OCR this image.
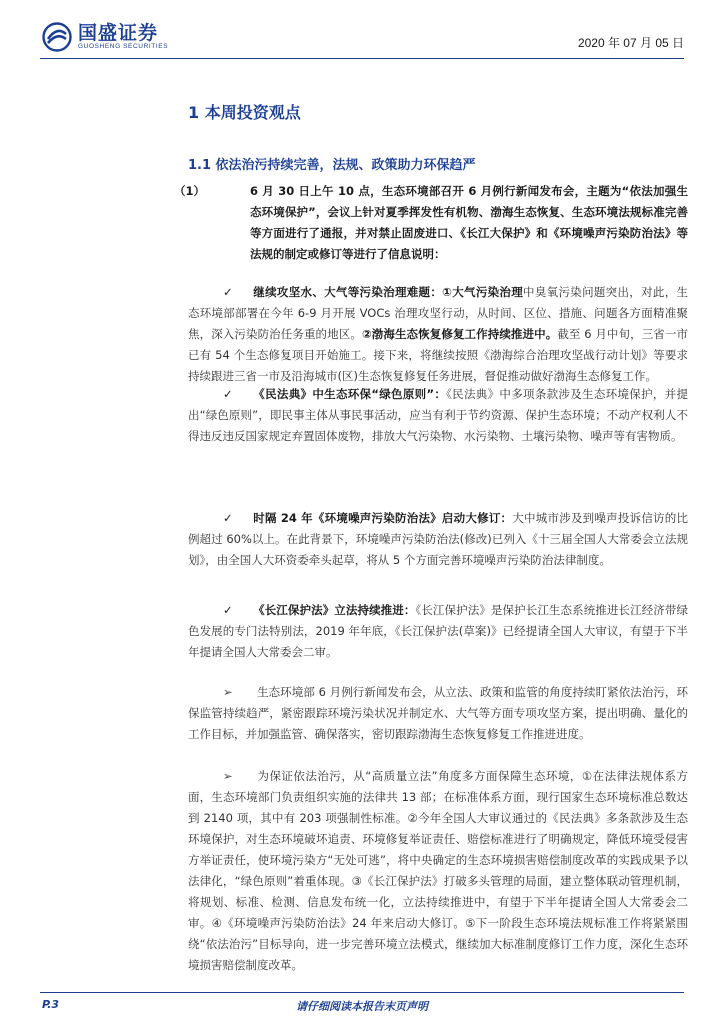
国盛证券
GUOSHENG SECURITIES	2020 年 07 月 05 日
1 本周投资观点
1.1 依法治污持续完善，法规、政策助力环保趋严
（1）	6 月 30 日上午 10 点，生态环境部召开 6 月例行新闻发布会，主题为“依法加强生态环境保护”，会议上针对夏季挥发性有机物、渤海生态恢复、生态环境法规标准完善等方面进行了通报，并对禁止固废进口、《长江大保护》和《环境噪声污染防治法》等法规的制定或修订等进行了信息说明：
✓ 继续攻坚水、大气等污染治理难题：①大气污染治理中臭氧污染问题突出，对此，生态环境部部署在今年 6-9 月开展 VOCs 治理攻坚行动，从时间、区位、措施、问题各方面精准聚焦，深入污染防治任务重的地区。②渤海生态恢复修复工作持续推进中。截至 6 月中旬，三省一市已有 54 个生态修复项目开始施工。接下来，将继续按照《渤海综合治理攻坚战行动计划》等要求持续跟进三省一市及沿海城市(区)生态恢复修复任务进展，督促推动做好渤海生态修复工作。
✓ 《民法典》中生态环保“绿色原则”：《民法典》中多项条款涉及生态环境保护，并提出“绿色原则”，即民事主体从事民事活动，应当有利于节约资源、保护生态环境；不动产权利人不得违反违反国家规定弃置固体废物，排放大气污染物、水污染物、土壤污染物、噪声等有害物质。
✓ 时隔 24 年《环境噪声污染防治法》启动大修订：大中城市涉及到噪声投诉信访的比例超过 60%以上。在此背景下，环境噪声污染防治法(修改)已列入《十三届全国人大常委会立法规划》，由全国人大环资委牵头起草，将从 5 个方面完善环境噪声污染防治法律制度。
✓ 《长江保护法》立法持续推进：《长江保护法》是保护长江生态系统推进长江经济带绿色发展的专门法特别法，2019 年年底，《长江保护法(草案)》已经提请全国人大审议，有望于下半年提请全国人大常委会二审。
➢ 生态环境部 6 月例行新闻发布会，从立法、政策和监管的角度持续盯紧依法治污，环保监管持续趋严，紧密跟踪环境污染状况并制定水、大气等方面专项攻坚方案，提出明确、量化的工作目标，并加强监管、确保落实，密切跟踪渤海生态恢复修复工作推进进度。
➢ 为保证依法治污，从“高质量立法”角度多方面保障生态环境，①在法律法规体系方面，生态环境部门负责组织实施的法律共 13 部；在标准体系方面，现行国家生态环境标准总数达到 2140 项，其中有 203 项强制性标准。②今年全国人大审议通过的《民法典》多条款涉及生态环境保护，对生态环境破坏追责、环境修复举证责任、赔偿标准进行了明确规定，降低环境受侵害方举证责任，使环境污染方“无处可逃”，将中央确定的生态环境损害赔偿制度改革的实践成果予以法律化，“绿色原则”着重体现。③《长江保护法》打破多头管理的局面，建立整体联动管理机制，将规划、标准、检测、信息发布统一化，立法持续推进中，有望于下半年提请全国人大常委会二审。④《环境噪声污染防治法》24 年来启动大修订。⑤下一阶段生态环境法规标准工作将紧紧围绕“依法治污”目标导向，进一步完善环境立法模式，继续加大标准制度修订工作力度，深化生态环境损害赔偿制度改革。
P.3	请仔细阅读本报告末页声明
